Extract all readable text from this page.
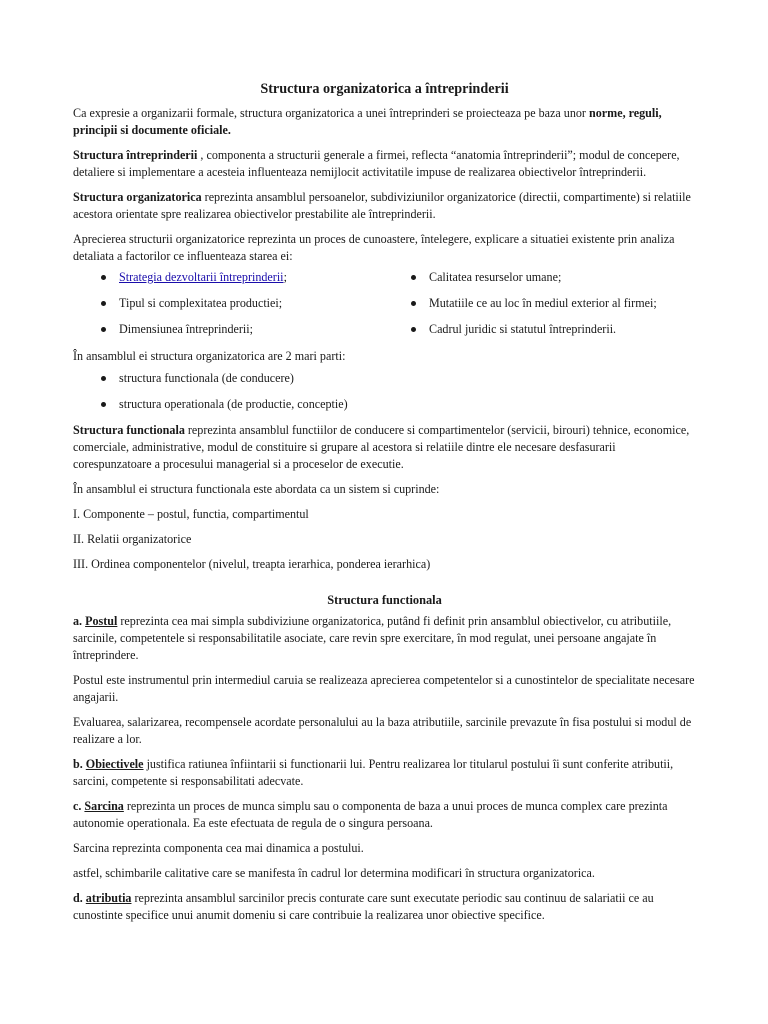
Structura organizatorica a întreprinderii

Ca expresie a organizarii formale, structura organizatorica a unei întreprinderi se proiecteaza pe baza unor norme, reguli, principii si documente oficiale.

Structura întreprinderii , componenta a structurii generale a firmei, reflecta “anatomia întreprinderii”; modul de concepere, detaliere si implementare a acesteia influenteaza nemijlocit activitatile impuse de realizarea obiectivelor întreprinderii.

Structura organizatorica reprezinta ansamblul persoanelor, subdiviziunilor organizatorice (directii, compartimente) si relatiile acestora orientate spre realizarea obiectivelor prestabilite ale întreprinderii.

Aprecierea structurii organizatorice reprezinta un proces de cunoastere, întelegere, explicare a situatiei existente prin analiza detaliata a factorilor ce influenteaza starea ei:

Strategia dezvoltarii întreprinderii;	Calitatea resurselor umane;
Tipul si complexitatea productiei;	Mutatiile ce au loc în mediul exterior al firmei;
Dimensiunea întreprinderii;	Cadrul juridic si statutul întreprinderii.

În ansamblul ei structura organizatorica are 2 mari parti:

structura functionala (de conducere)
structura operationala (de productie, conceptie)

Structura functionala reprezinta ansamblul functiilor de conducere si compartimentelor (servicii, birouri) tehnice, economice, comerciale, administrative, modul de constituire si grupare al acestora si relatiile dintre ele necesare desfasurarii corespunzatoare a procesului managerial si a proceselor de executie.

În ansamblul ei structura functionala este abordata ca un sistem si cuprinde:

I. Componente – postul, functia, compartimentul

II. Relatii organizatorice

III. Ordinea componentelor (nivelul, treapta ierarhica, ponderea ierarhica)

Structura functionala

a. Postul reprezinta cea mai simpla subdiviziune organizatorica, putând fi definit prin ansamblul obiectivelor, cu atributiile, sarcinile, competentele si responsabilitatile asociate, care revin spre exercitare, în mod regulat, unei persoane angajate în întreprindere.

Postul este instrumentul prin intermediul caruia se realizeaza aprecierea competentelor si a cunostintelor de specialitate necesare angajarii.

Evaluarea, salarizarea, recompensele acordate personalului au la baza atributiile, sarcinile prevazute în fisa postului si modul de realizare a lor.

b. Obiectivele justifica ratiunea înfiintarii si functionarii lui. Pentru realizarea lor titularul postului îi sunt conferite atributii, sarcini, competente si responsabilitati adecvate.

c. Sarcina reprezinta un proces de munca simplu sau o componenta de baza a unui proces de munca complex care prezinta autonomie operationala. Ea este efectuata de regula de o singura persoana.

Sarcina reprezinta componenta cea mai dinamica a postului.

astfel, schimbarile calitative care se manifesta în cadrul lor determina modificari în structura organizatorica.

d. atributia reprezinta ansamblul sarcinilor precis conturate care sunt executate periodic sau continuu de salariatii ce au cunostinte specifice unui anumit domeniu si care contribuie la realizarea unor obiective specifice.
